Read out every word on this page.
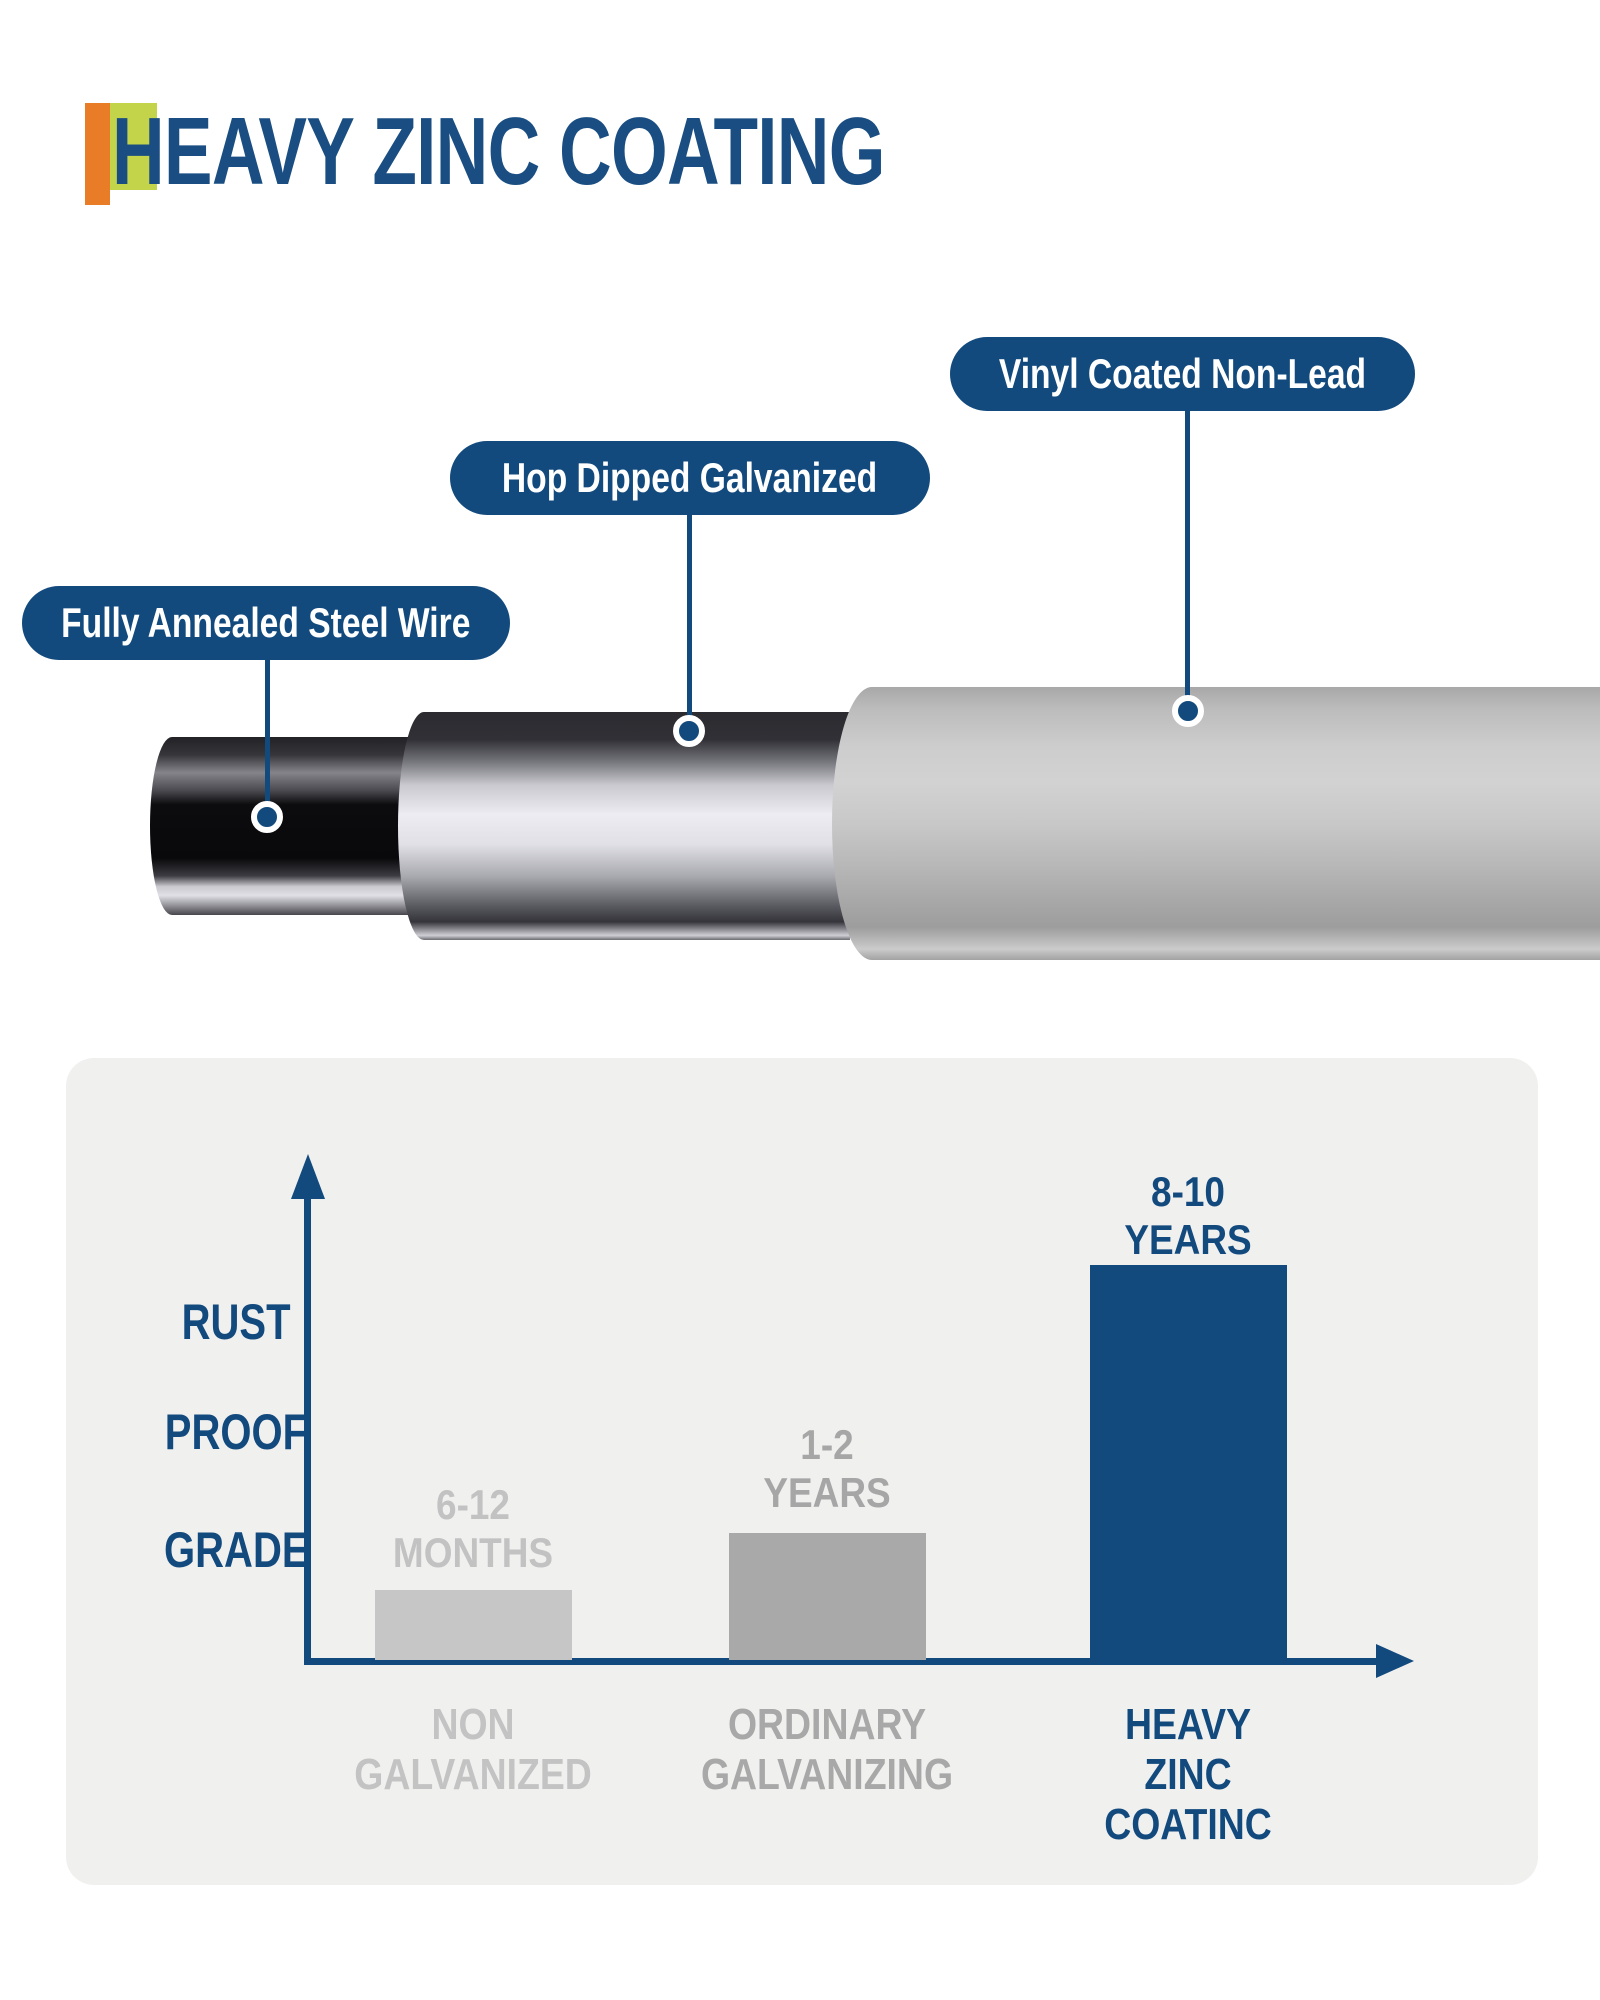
HEAVY ZINC COATING
Fully Annealed Steel Wire
Hop Dipped Galvanized
Vinyl Coated Non-Lead
RUST
PROOF
GRADE
6-12
MONTHS
1-2
YEARS
8-10
YEARS
NON
GALVANIZED
ORDINARY
GALVANIZING
HEAVY
ZINC
COATINC
